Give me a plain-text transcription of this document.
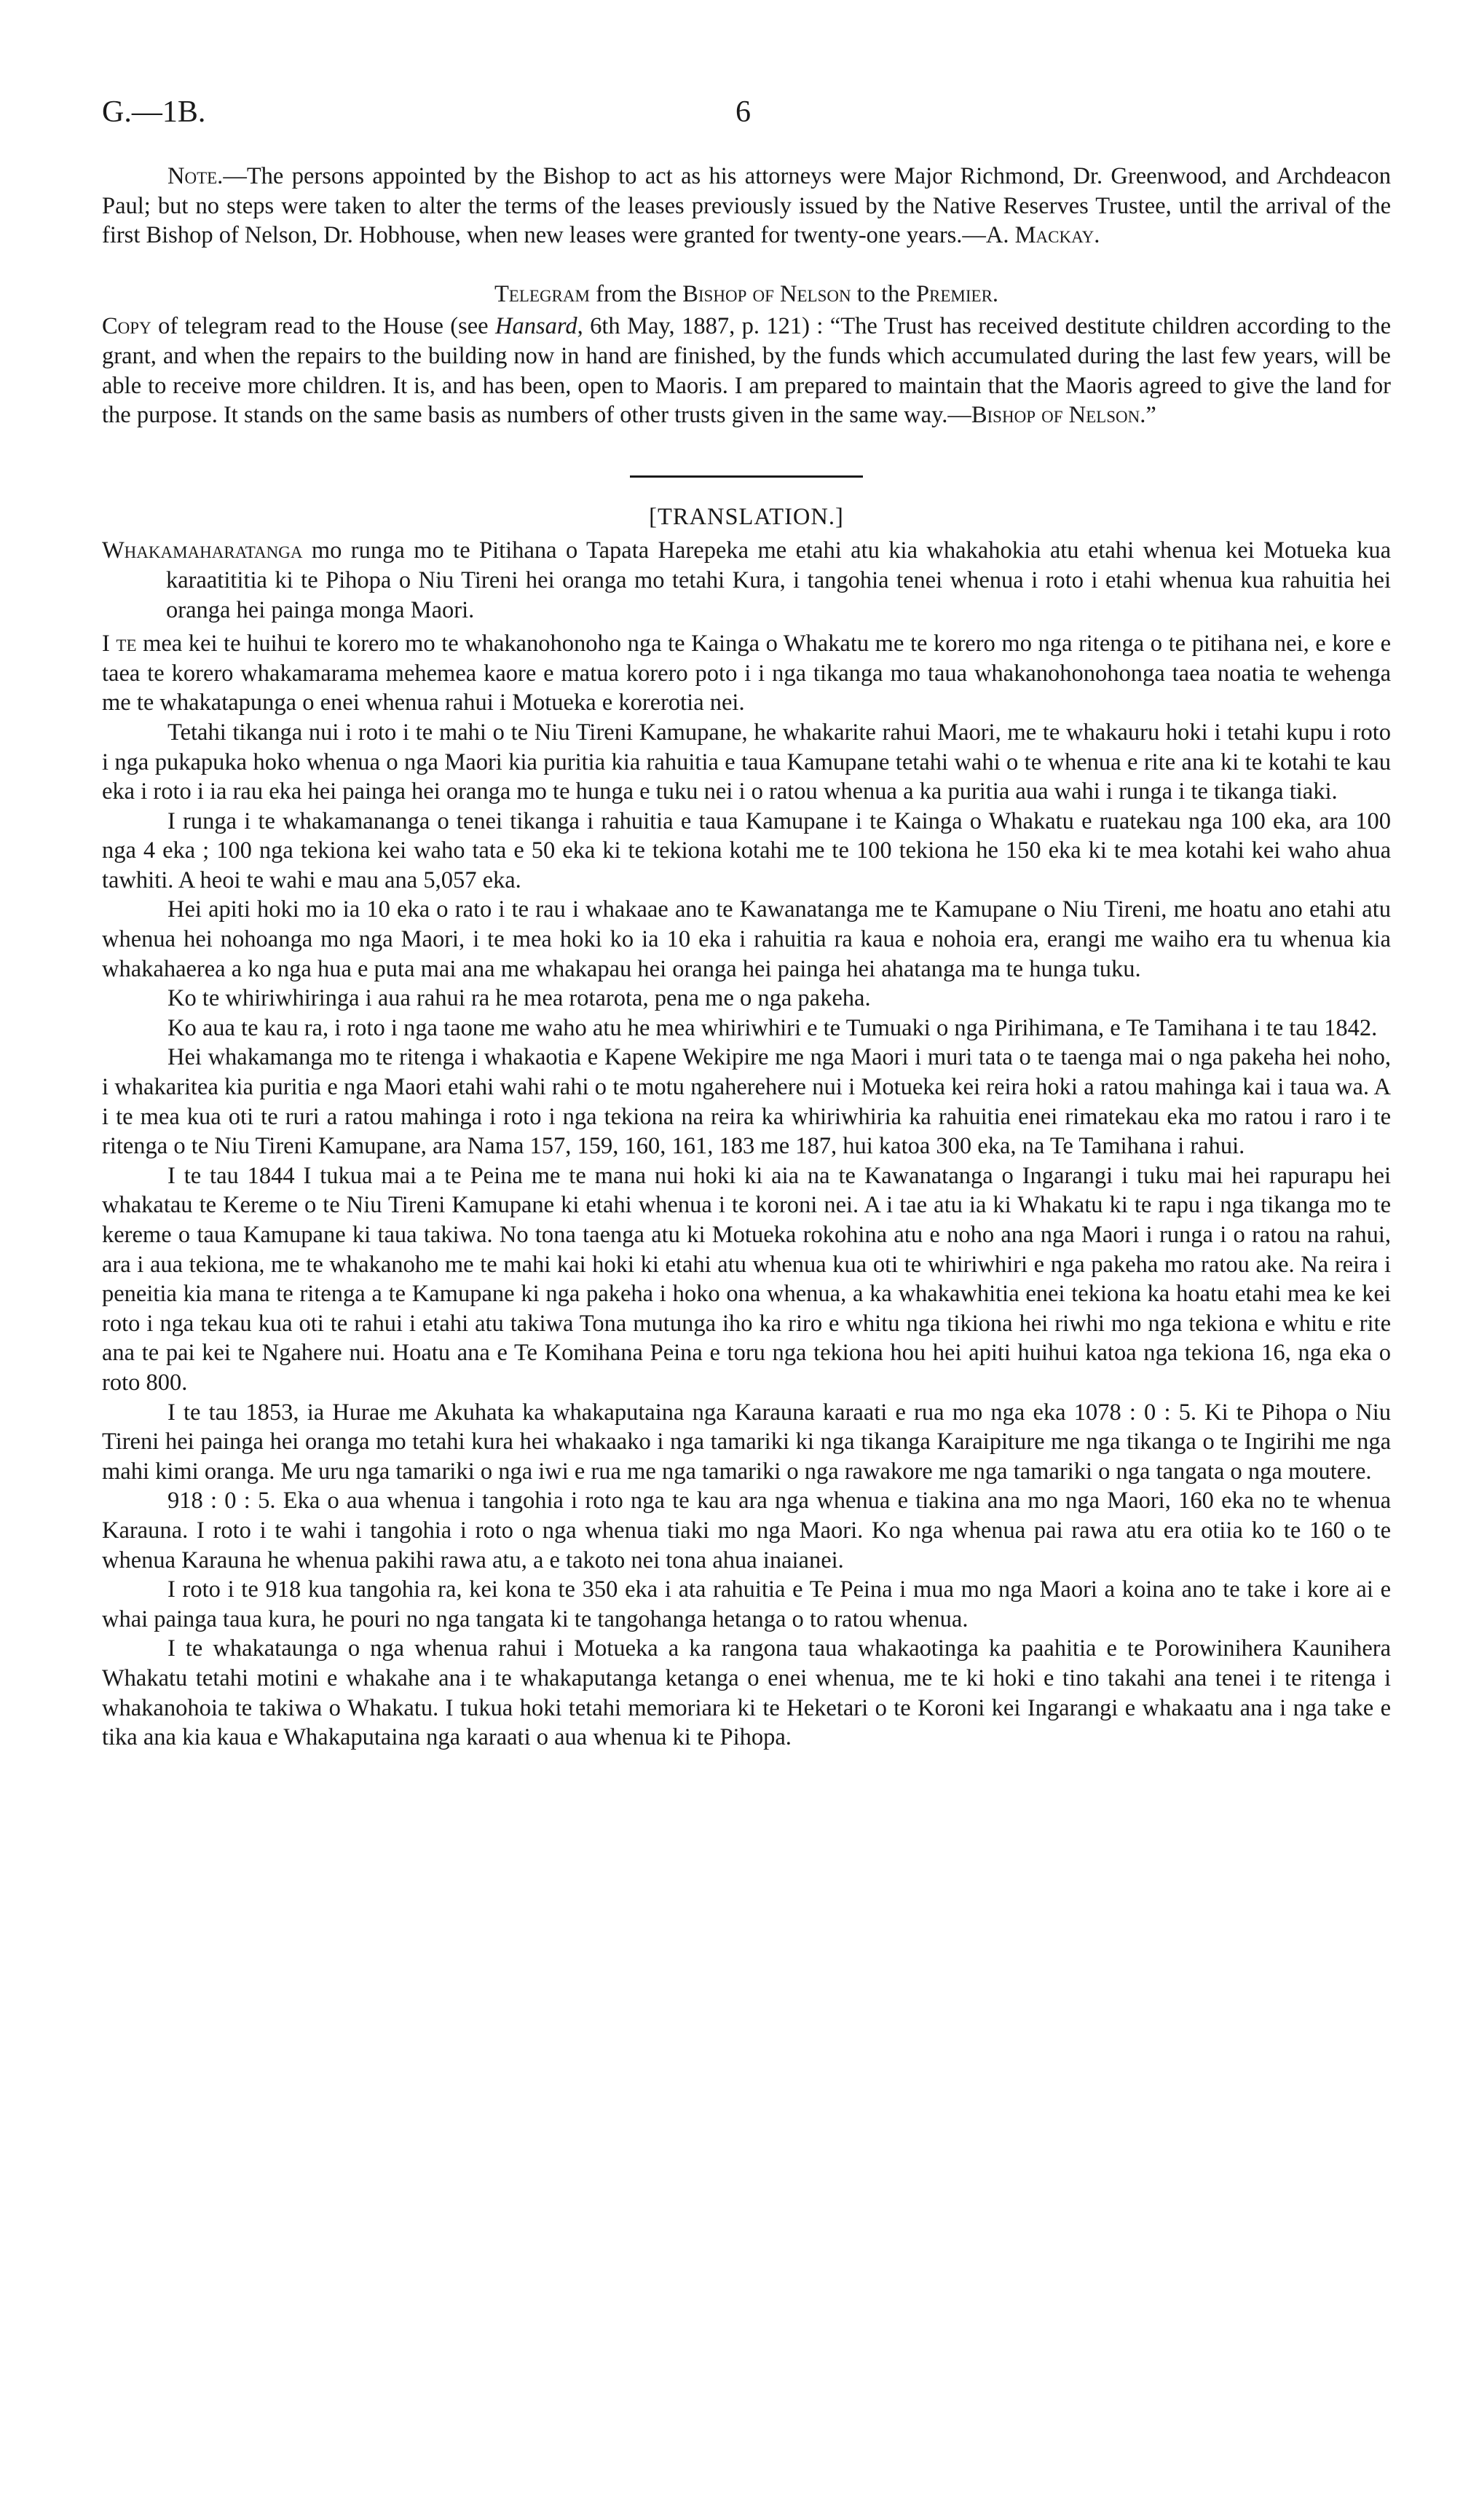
G.—1B.	6

Note.—The persons appointed by the Bishop to act as his attorneys were Major Richmond, Dr. Greenwood, and Archdeacon Paul; but no steps were taken to alter the terms of the leases previously issued by the Native Reserves Trustee, until the arrival of the first Bishop of Nelson, Dr. Hobhouse, when new leases were granted for twenty-one years.—A. Mackay.

Telegram from the Bishop of Nelson to the Premier.

Copy of telegram read to the House (see Hansard, 6th May, 1887, p. 121) : “The Trust has received destitute children according to the grant, and when the repairs to the building now in hand are finished, by the funds which accumulated during the last few years, will be able to receive more children. It is, and has been, open to Maoris. I am prepared to maintain that the Maoris agreed to give the land for the purpose. It stands on the same basis as numbers of other trusts given in the same way.—Bishop of Nelson.”

[TRANSLATION.]

Whakamaharatanga mo runga mo te Pitihana o Tapata Harepeka me etahi atu kia whakahokia atu etahi whenua kei Motueka kua karaatititia ki te Pihopa o Niu Tireni hei oranga mo tetahi Kura, i tangohia tenei whenua i roto i etahi whenua kua rahuitia hei oranga hei painga monga Maori.

I te mea kei te huihui te korero mo te whakanohonoho nga te Kainga o Whakatu me te korero mo nga ritenga o te pitihana nei, e kore e taea te korero whakamarama mehemea kaore e matua korero poto i i nga tikanga mo taua whakanohonohonga taea noatia te wehenga me te whakatapunga o enei whenua rahui i Motueka e korerotia nei.

Tetahi tikanga nui i roto i te mahi o te Niu Tireni Kamupane, he whakarite rahui Maori, me te whakauru hoki i tetahi kupu i roto i nga pukapuka hoko whenua o nga Maori kia puritia kia rahuitia e taua Kamupane tetahi wahi o te whenua e rite ana ki te kotahi te kau eka i roto i ia rau eka hei painga hei oranga mo te hunga e tuku nei i o ratou whenua a ka puritia aua wahi i runga i te tikanga tiaki.

I runga i te whakamananga o tenei tikanga i rahuitia e taua Kamupane i te Kainga o Whakatu e ruatekau nga 100 eka, ara 100 nga 4 eka ; 100 nga tekiona kei waho tata e 50 eka ki te tekiona kotahi me te 100 tekiona he 150 eka ki te mea kotahi kei waho ahua tawhiti. A heoi te wahi e mau ana 5,057 eka.

Hei apiti hoki mo ia 10 eka o rato i te rau i whakaae ano te Kawanatanga me te Kamupane o Niu Tireni, me hoatu ano etahi atu whenua hei nohoanga mo nga Maori, i te mea hoki ko ia 10 eka i rahuitia ra kaua e nohoia era, erangi me waiho era tu whenua kia whakahaerea a ko nga hua e puta mai ana me whakapau hei oranga hei painga hei ahatanga ma te hunga tuku.

Ko te whiriwhiringa i aua rahui ra he mea rotarota, pena me o nga pakeha.

Ko aua te kau ra, i roto i nga taone me waho atu he mea whiriwhiri e te Tumuaki o nga Pirihimana, e Te Tamihana i te tau 1842.

Hei whakamanga mo te ritenga i whakaotia e Kapene Wekipire me nga Maori i muri tata o te taenga mai o nga pakeha hei noho, i whakaritea kia puritia e nga Maori etahi wahi rahi o te motu ngaherehere nui i Motueka kei reira hoki a ratou mahinga kai i taua wa. A i te mea kua oti te ruri a ratou mahinga i roto i nga tekiona na reira ka whiriwhiria ka rahuitia enei rimatekau eka mo ratou i raro i te ritenga o te Niu Tireni Kamupane, ara Nama 157, 159, 160, 161, 183 me 187, hui katoa 300 eka, na Te Tamihana i rahui.

I te tau 1844 I tukua mai a te Peina me te mana nui hoki ki aia na te Kawanatanga o Ingarangi i tuku mai hei rapurapu hei whakatau te Kereme o te Niu Tireni Kamupane ki etahi whenua i te koroni nei. A i tae atu ia ki Whakatu ki te rapu i nga tikanga mo te kereme o taua Kamupane ki taua takiwa. No tona taenga atu ki Motueka rokohina atu e noho ana nga Maori i runga i o ratou na rahui, ara i aua tekiona, me te whakanoho me te mahi kai hoki ki etahi atu whenua kua oti te whiriwhiri e nga pakeha mo ratou ake. Na reira i peneitia kia mana te ritenga a te Kamupane ki nga pakeha i hoko ona whenua, a ka whakawhitia enei tekiona ka hoatu etahi mea ke kei roto i nga tekau kua oti te rahui i etahi atu takiwa Tona mutunga iho ka riro e whitu nga tikiona hei riwhi mo nga tekiona e whitu e rite ana te pai kei te Ngahere nui. Hoatu ana e Te Komihana Peina e toru nga tekiona hou hei apiti huihui katoa nga tekiona 16, nga eka o roto 800.

I te tau 1853, ia Hurae me Akuhata ka whakaputaina nga Karauna karaati e rua mo nga eka 1078 : 0 : 5. Ki te Pihopa o Niu Tireni hei painga hei oranga mo tetahi kura hei whakaako i nga tamariki ki nga tikanga Karaipiture me nga tikanga o te Ingirihi me nga mahi kimi oranga. Me uru nga tamariki o nga iwi e rua me nga tamariki o nga rawakore me nga tamariki o nga tangata o nga moutere.

918 : 0 : 5. Eka o aua whenua i tangohia i roto nga te kau ara nga whenua e tiakina ana mo nga Maori, 160 eka no te whenua Karauna. I roto i te wahi i tangohia i roto o nga whenua tiaki mo nga Maori. Ko nga whenua pai rawa atu era otiia ko te 160 o te whenua Karauna he whenua pakihi rawa atu, a e takoto nei tona ahua inaianei.

I roto i te 918 kua tangohia ra, kei kona te 350 eka i ata rahuitia e Te Peina i mua mo nga Maori a koina ano te take i kore ai e whai painga taua kura, he pouri no nga tangata ki te tangohanga hetanga o to ratou whenua.

I te whakataunga o nga whenua rahui i Motueka a ka rangona taua whakaotinga ka paahitia e te Porowinihera Kaunihera Whakatu tetahi motini e whakahe ana i te whakaputanga ketanga o enei whenua, me te ki hoki e tino takahi ana tenei i te ritenga i whakanohoia te takiwa o Whakatu. I tukua hoki tetahi memoriara ki te Heketari o te Koroni kei Ingarangi e whakaatu ana i nga take e tika ana kia kaua e Whakaputaina nga karaati o aua whenua ki te Pihopa.
